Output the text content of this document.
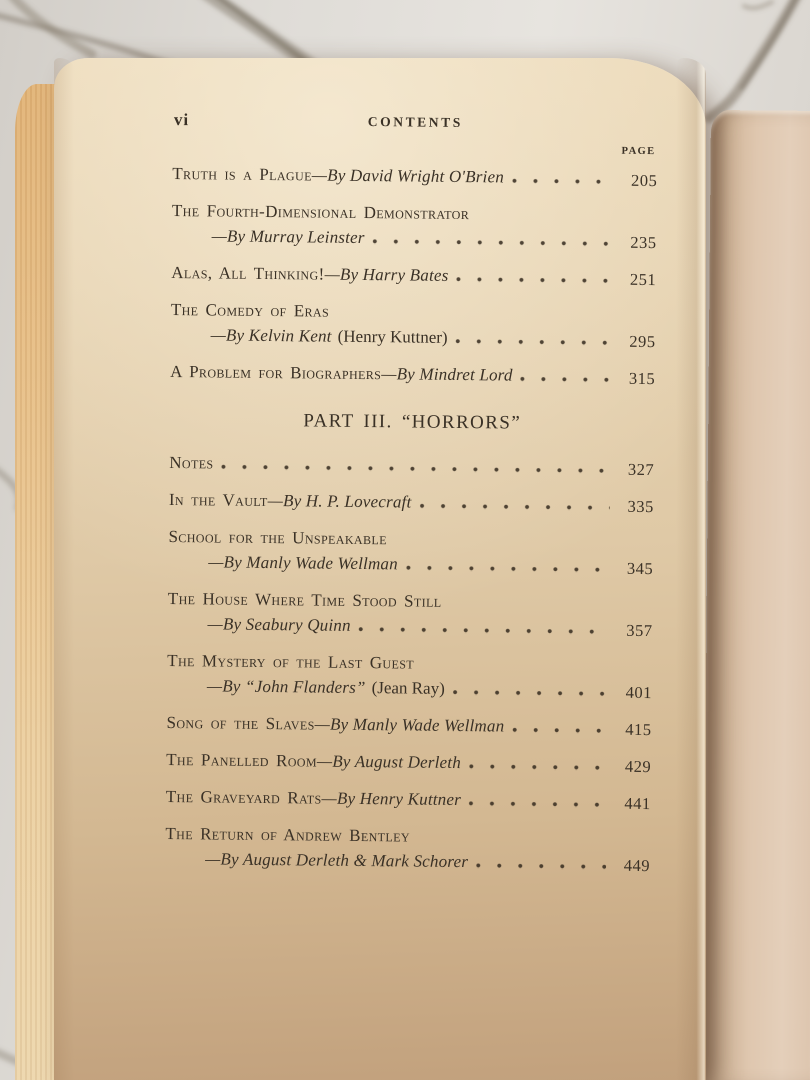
vi	CONTENTS
PAGE
Truth is a Plague —By David Wright O'Brien	205
The Fourth-Dimensional Demonstrator
—By Murray Leinster	235
Alas, All Thinking! —By Harry Bates	251
The Comedy of Eras
—By Kelvin Kent (Henry Kuttner)	295
A Problem for Biographers —By Mindret Lord	315
PART III. “HORRORS”
Notes	327
In the Vault —By H. P. Lovecraft	335
School for the Unspeakable
—By Manly Wade Wellman	345
The House Where Time Stood Still
—By Seabury Quinn	357
The Mystery of the Last Guest
—By “John Flanders” (Jean Ray)	401
Song of the Slaves —By Manly Wade Wellman	415
The Panelled Room —By August Derleth	429
The Graveyard Rats —By Henry Kuttner	441
The Return of Andrew Bentley
—By August Derleth & Mark Schorer	449
